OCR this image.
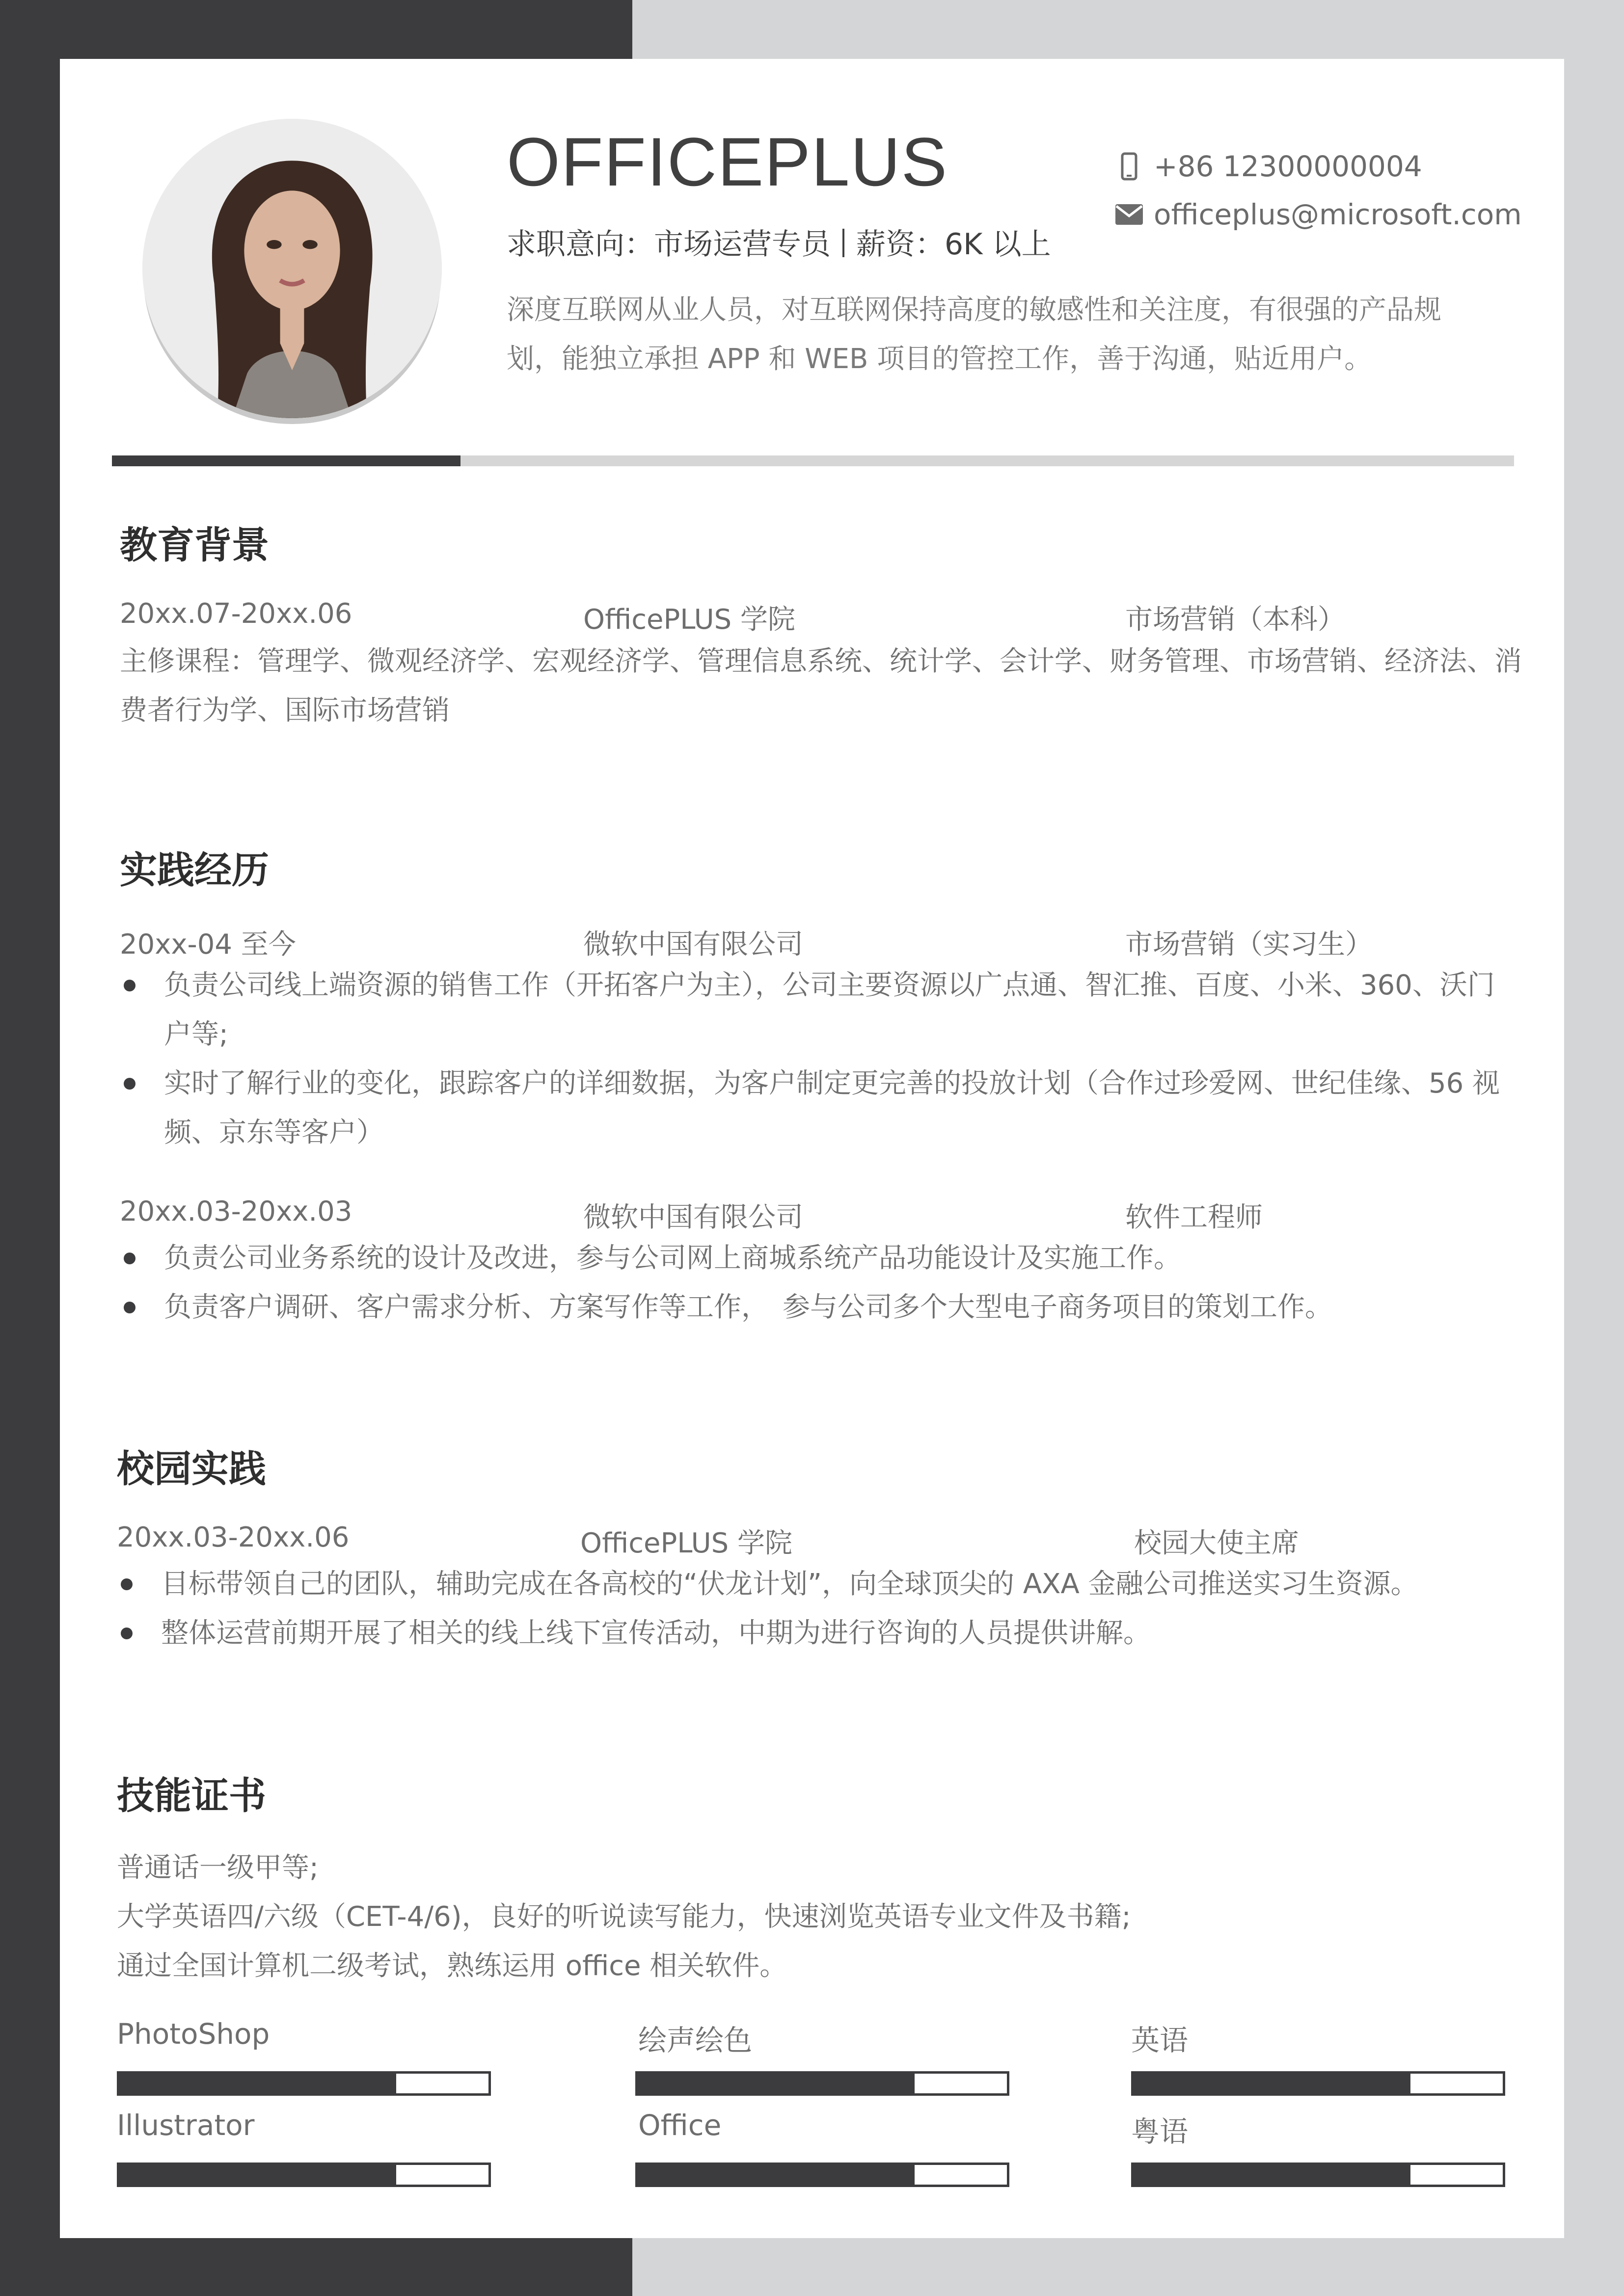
OFFICEPLUS
求职意向：市场运营专员 薪资：6K 以上
深度互联网从业人员，对互联网保持高度的敏感性和关注度，有很强的产品规划，能独立承担 APP 和 WEB 项目的管控工作，善于沟通，贴近用户。
+86 12300000004
officeplus@microsoft.com
教育背景
20xx.07-20xx.06	OfficePLUS 学院	市场营销（本科）
主修课程：管理学、微观经济学、宏观经济学、管理信息系统、统计学、会计学、财务管理、市场营销、经济法、消费者行为学、国际市场营销
实践经历
20xx-04 至今	微软中国有限公司	市场营销（实习生）
负责公司线上端资源的销售工作（开拓客户为主），公司主要资源以广点通、智汇推、百度、小米、360、沃门户等;
实时了解行业的变化，跟踪客户的详细数据，为客户制定更完善的投放计划（合作过珍爱网、世纪佳缘、56 视频、京东等客户）
20xx.03-20xx.03	微软中国有限公司	软件工程师
负责公司业务系统的设计及改进，参与公司网上商城系统产品功能设计及实施工作。
负责客户调研、客户需求分析、方案写作等工作，　参与公司多个大型电子商务项目的策划工作。
校园实践
20xx.03-20xx.06	OfficePLUS 学院	校园大使主席
目标带领自己的团队，辅助完成在各高校的“伏龙计划”，向全球顶尖的 AXA 金融公司推送实习生资源。
整体运营前期开展了相关的线上线下宣传活动，中期为进行咨询的人员提供讲解。
技能证书
普通话一级甲等;
大学英语四/六级（CET-4/6)，良好的听说读写能力，快速浏览英语专业文件及书籍;
通过全国计算机二级考试，熟练运用 office 相关软件。
PhotoShop	绘声绘色	英语
Illustrator	Office	粤语
